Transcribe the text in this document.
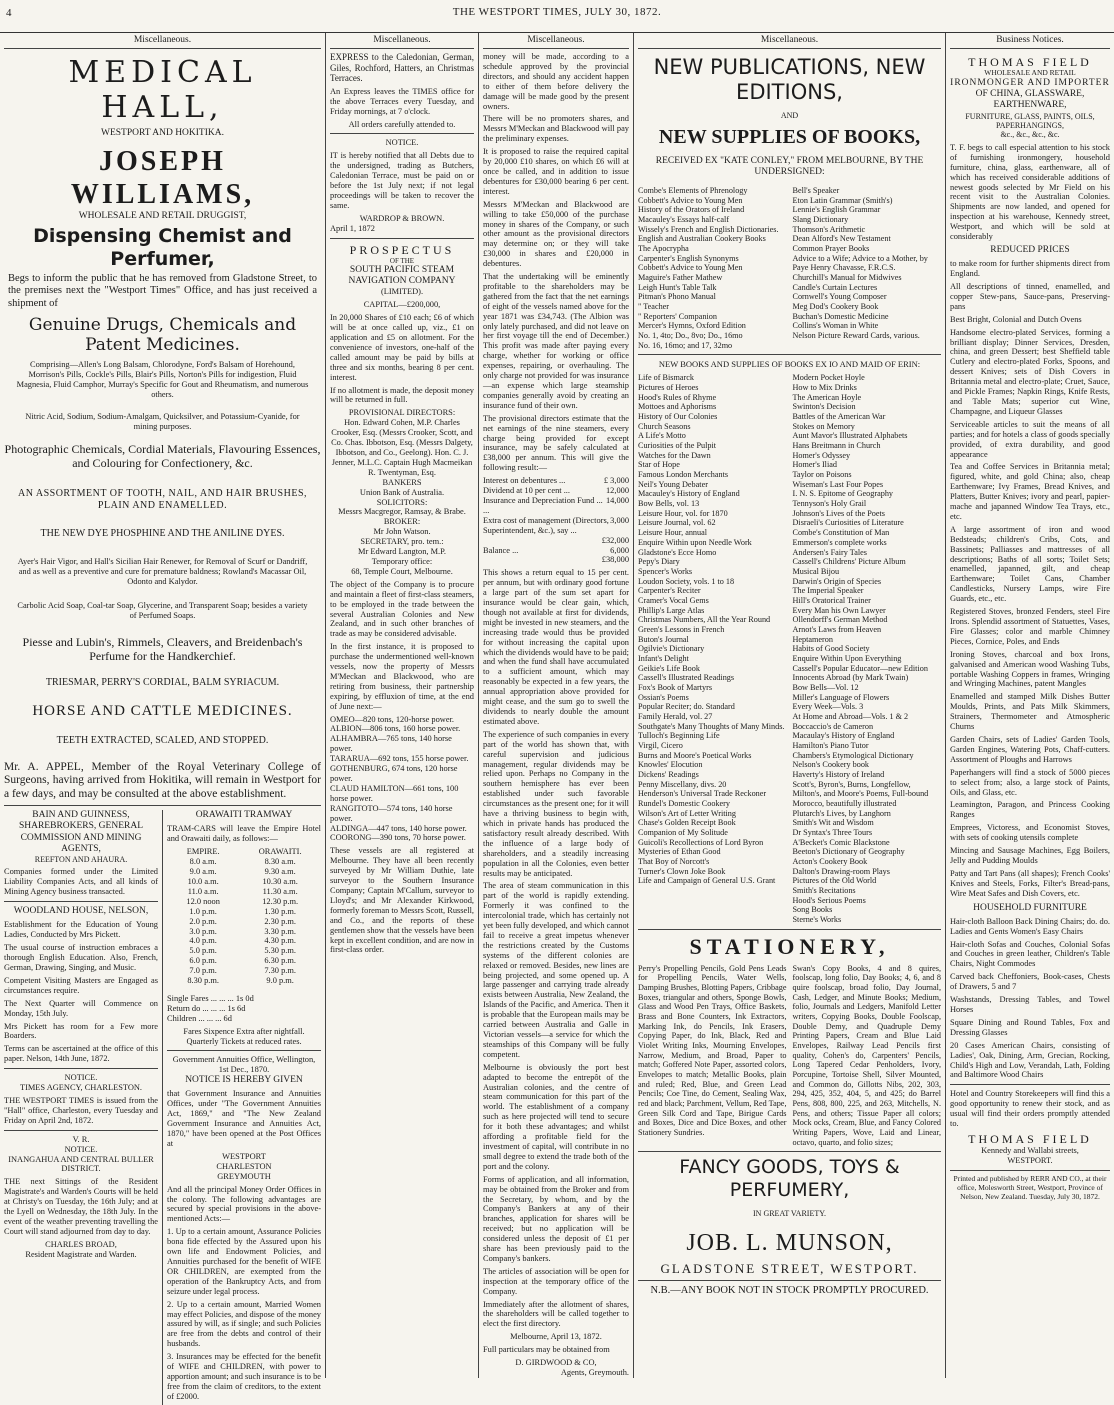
4	THE WESTPORT TIMES, JULY 30, 1872.
Miscellaneous.
MEDICAL HALL,
WESTPORT AND HOKITIKA.
JOSEPH WILLIAMS,
WHOLESALE AND RETAIL DRUGGIST,
Dispensing Chemist and Perfumer,
Begs to inform the public that he has removed from Gladstone Street, to the premises next the "Westport Times" Office, and has just received a shipment of
Genuine Drugs, Chemicals and Patent Medicines.
Comprising—Allen's Long Balsam, Chlorodyne, Ford's Balsam of Horehound, Morrison's Pills, Cockle's Pills, Blair's Pills, Norton's Pills for indigestion, Fluid Magnesia, Fluid Camphor, Murray's Specific for Gout and Rheumatism, and numerous others.
Nitric Acid, Sodium, Sodium-Amalgam, Quicksilver, and Potassium-Cyanide, for mining purposes.
Photographic Chemicals, Cordial Materials, Flavouring Essences, and Colouring for Confectionery, &c.
AN ASSORTMENT OF TOOTH, NAIL, AND HAIR BRUSHES, PLAIN AND ENAMELLED.
THE NEW DYE PHOSPHINE AND THE ANILINE DYES.
Ayer's Hair Vigor, and Hall's Sicilian Hair Renewer, for Removal of Scurf or Dandriff, and as well as a preventive and cure for premature baldness; Rowland's Macassar Oil, Odonto and Kalydor.
Carbolic Acid Soap, Coal-tar Soap, Glycerine, and Transparent Soap; besides a variety of Perfumed Soaps.
Piesse and Lubin's, Rimmels, Cleavers, and Breidenbach's Perfume for the Handkerchief.
TRIESMAR, PERRY'S CORDIAL, BALM SYRIACUM.
HORSE AND CATTLE MEDICINES.
TEETH EXTRACTED, SCALED, AND STOPPED.
Mr. A. APPEL, Member of the Royal Veterinary College of Surgeons, having arrived from Hokitika, will remain in Westport for a few days, and may be consulted at the above establishment.
BAIN AND GUINNESS, SHAREBROKERS, GENERAL COMMISSION AND MINING AGENTS,
REEFTON AND AHAURA.
Companies formed under the Limited Liability Companies Acts, and all kinds of Mining Agency business transacted.
WOODLAND HOUSE, NELSON,
Establishment for the Education of Young Ladies, Conducted by Mrs Pickett.
The usual course of instruction embraces a thorough English Education. Also, French, German, Drawing, Singing, and Music.
Competent Visiting Masters are Engaged as circumstances require.
The Next Quarter will Commence on Monday, 15th July.
Mrs Pickett has room for a Few more Boarders.
Terms can be ascertained at the office of this paper. Nelson, 14th June, 1872.
NOTICE.
TIMES AGENCY, CHARLESTON.
THE WESTPORT TIMES is issued from the "Hall" office, Charleston, every Tuesday and Friday on April 2nd, 1872.
V. R.
NOTICE.
INANGAHUA AND CENTRAL BULLER DISTRICT.
THE next Sittings of the Resident Magistrate's and Warden's Courts will be held at Christy's on Tuesday, the 16th July; and at the Lyell on Wednesday, the 18th July. In the event of the weather preventing travelling the Court will stand adjourned from day to day.
CHARLES BROAD,
Resident Magistrate and Warden.
ORAWAITI TRAMWAY
TRAM-CARS will leave the Empire Hotel and Orawaiti daily, as follows:—
EMPIRE.
8.0 a.m.
9.0 a.m.
10.0 a.m.
11.0 a.m.
12.0 noon
1.0 p.m.
2.0 p.m.
3.0 p.m.
4.0 p.m.
5.0 p.m.
6.0 p.m.
7.0 p.m.
8.30 p.m.
ORAWAITI.
8.30 a.m.
9.30 a.m.
10.30 a.m.
11.30 a.m.
12.30 p.m.
1.30 p.m.
2.30 p.m.
3.30 p.m.
4.30 p.m.
5.30 p.m.
6.30 p.m.
7.30 p.m.
9.0 p.m.
Single Fares ... ... ... 1s 0d
Return do ... ... ... 1s 6d
Children ... ... ... 6d
Fares Sixpence Extra after nightfall. Quarterly Tickets at reduced rates.
Government Annuities Office, Wellington, 1st Dec., 1870.
NOTICE IS HEREBY GIVEN
that Government Insurance and Annuities Offices, under "The Government Annuities Act, 1869," and "The New Zealand Government Insurance and Annuities Act, 1870," have been opened at the Post Offices at
WESTPORT
CHARLESTON
GREYMOUTH
And all the principal Money Order Offices in the colony. The following advantages are secured by special provisions in the above-mentioned Acts:—
1. Up to a certain amount, Assurance Policies bona fide effected by the Assured upon his own life and Endowment Policies, and Annuities purchased for the benefit of WIFE OR CHILDREN, are exempted from the operation of the Bankruptcy Acts, and from seizure under legal process.
2. Up to a certain amount, Married Women may effect Policies, and dispose of the money assured by will, as if single; and such Policies are free from the debts and control of their husbands.
3. Insurances may be effected for the benefit of WIFE and CHILDREN, with power to apportion amount; and such insurance is to be free from the claim of creditors, to the extent of £2000.
Miscellaneous.
EXPRESS to the Caledonian, German, Giles, Rochford, Hatters, an Christmas Terraces.
An Express leaves the TIMES office for the above Terraces every Tuesday, and Friday mornings, at 7 o'clock.
All orders carefully attended to.
NOTICE.
IT is hereby notified that all Debts due to the undersigned, trading as Butchers, Caledonian Terrace, must be paid on or before the 1st July next; if not legal proceedings will be taken to recover the same.
WARDROP & BROWN.
April 1, 1872
PROSPECTUS
OF THE
SOUTH PACIFIC STEAM NAVIGATION COMPANY
(LIMITED).
CAPITAL—£200,000,
In 20,000 Shares of £10 each; £6 of which will be at once called up, viz., £1 on application and £5 on allotment. For the convenience of investors, one-half of the called amount may be paid by bills at three and six months, bearing 8 per cent. interest.
If no allotment is made, the deposit money will be returned in full.
PROVISIONAL DIRECTORS:
Hon. Edward Cohen, M.P. Charles Crooker, Esq. (Messrs Crooker, Scott, and Co. Chas. Ibbotson, Esq. (Messrs Dalgety, Ibbotson, and Co., Geelong). Hon. C. J. Jenner, M.L.C. Captain Hugh Macmeikan R. Twentyman, Esq.
BANKERS
Union Bank of Australia.
SOLICITORS:
Messrs Macgregor, Ramsay, & Brabe.
BROKER:
Mr John Watson.
SECRETARY, pro. tem.:
Mr Edward Langton, M.P.
Temporary office:
68, Temple Court, Melbourne.
The object of the Company is to procure and maintain a fleet of first-class steamers, to be employed in the trade between the several Australian Colonies and New Zealand, and in such other branches of trade as may be considered advisable.
In the first instance, it is proposed to purchase the undermentioned well-known vessels, now the property of Messrs M'Meckan and Blackwood, who are retiring from business, their partnership expiring, by effluxion of time, at the end of June next:—
OMEO—820 tons, 120-horse power.
ALBION—806 tons, 160 horse power.
ALHAMBRA—765 tons, 140 horse power.
TARARUA—692 tons, 155 horse power.
GOTHENBURG, 674 tons, 120 horse power.
CLAUD HAMILTON—661 tons, 100 horse power.
RANGITOTO—574 tons, 140 horse power.
ALDINGA—447 tons, 140 horse power.
COORONG—390 tons, 70 horse power.
These vessels are all registered at Melbourne. They have all been recently surveyed by Mr William Duthie, late surveyor to the Southern Insurance Company; Captain M'Callum, surveyor to Lloyd's; and Mr Alexander Kirkwood, formerly foreman to Messrs Scott, Russell, and Co., and the reports of these gentlemen show that the vessels have been kept in excellent condition, and are now in first-class order.
Miscellaneous.
money will be made, according to a schedule approved by the provincial directors, and should any accident happen to either of them before delivery the damage will be made good by the present owners.
There will be no promoters shares, and Messrs M'Meckan and Blackwood will pay the preliminary expenses.
It is proposed to raise the required capital by 20,000 £10 shares, on which £6 will at once be called, and in addition to issue debentures for £30,000 bearing 6 per cent. interest.
Messrs M'Meckan and Blackwood are willing to take £50,000 of the purchase money in shares of the Company, or such other amount as the provisional directors may determine on; or they will take £30,000 in shares and £20,000 in debentures.
That the undertaking will be eminently profitable to the shareholders may be gathered from the fact that the net earnings of eight of the vessels named above for the year 1871 was £34,743. (The Albion was only lately purchased, and did not leave on her first voyage till the end of December.) This profit was made after paying every charge, whether for working or office expenses, repairing, or overhauling. The only charge not provided for was insurance—an expense which large steamship companies generally avoid by creating an insurance fund of their own.
The provisional directors estimate that the net earnings of the nine steamers, every charge being provided for except insurance, may be safely calculated at £38,000 per annum. This will give the following result:—
Interest on debentures ...	£ 3,000
Dividend at 10 per cent ...	12,000
Insurance and Depreciation Fund ... ...
14,000
Extra cost of management (Directors, Superintendent, &c.), say ...
3,000
£32,000
Balance ...	6,000
£38,000
This shows a return equal to 15 per cent. per annum, but with ordinary good fortune a large part of the sum set apart for insurance would be clear gain, which, though not available at first for dividends, might be invested in new steamers, and the increasing trade would thus be provided for without increasing the capital upon which the dividends would have to be paid; and when the fund shall have accumulated to a sufficient amount, which may reasonably be expected in a few years, the annual appropriation above provided for might cease, and the sum go to swell the dividends to nearly double the amount estimated above.
The experience of such companies in every part of the world has shown that, with careful supervision and judicious management, regular dividends may be relied upon. Perhaps no Company in the southern hemisphere has ever been established under such favorable circumstances as the present one; for it will have a thriving business to begin with, which in private hands has produced the satisfactory result already described. With the influence of a large body of shareholders, and a steadily increasing population in all the Colonies, even better results may be anticipated.
The area of steam communication in this part of the world is rapidly extending. Formerly it was confined to the intercolonial trade, which has certainly not yet been fully developed, and which cannot fail to receive a great impetus whenever the restrictions created by the Customs systems of the different colonies are relaxed or removed. Besides, new lines are being projected, and some opened up. A large passenger and carrying trade already exists between Australia, New Zealand, the Islands of the Pacific, and America. Then it is probable that the European mails may be carried between Australia and Galle in Victorian vessels—a service for which the steamships of this Company will be fully competent.
Melbourne is obviously the port best adapted to become the entrepôt of the Australian colonies, and the centre of steam communication for this part of the world. The establishment of a company such as here projected will tend to secure for it both these advantages; and whilst affording a profitable field for the investment of capital, will contribute in no small degree to extend the trade both of the port and the colony.
Forms of application, and all information, may be obtained from the Broker and from the Secretary, by whom, and by the Company's Bankers at any of their branches, application for shares will be received; but no application will be considered unless the deposit of £1 per share has been previously paid to the Company's bankers.
The articles of association will be open for inspection at the temporary office of the Company.
Immediately after the allotment of shares, the shareholders will be called together to elect the first directory.
Melbourne, April 13, 1872.
Full particulars may be obtained from
D. GIRDWOOD & CO,
Agents, Greymouth.
Miscellaneous.
NEW PUBLICATIONS, NEW EDITIONS,
AND
NEW SUPPLIES OF BOOKS,
RECEIVED EX "KATE CONLEY," FROM MELBOURNE, BY THE UNDERSIGNED:
Combe's Elements of Phrenology
Cobbett's Advice to Young Men
History of the Orators of Ireland
Macauley's Essays half-calf
Wissely's French and English Dictionaries.
English and Australian Cookery Books
The Apocrypha
Carpenter's English Synonyms
Cobbett's Advice to Young Men
Maguire's Father Mathew
Leigh Hunt's Table Talk
Pitman's Phono Manual
" Teacher
" Reporters' Companion
Mercer's Hymns, Oxford Edition
No. 1, 4to; Do., 8vo; Do., 16mo
No. 16, 16mo; and 17, 32mo
Bell's Speaker
Eton Latin Grammar (Smith's)
Lennie's English Grammar
Slang Dictionary
Thomson's Arithmetic
Dean Alford's New Testament
Common Prayer Books
Advice to a Wife; Advice to a Mother, by Paye Henry Chavasse, F.R.C.S.
Churchill's Manual for Midwives
Candle's Curtain Lectures
Cornwell's Young Composer
Meg Dod's Cookery Book
Buchan's Domestic Medicine
Collins's Woman in White
Nelson Picture Reward Cards, various.
NEW BOOKS AND SUPPLIES OF BOOKS EX IO AND MAID OF ERIN:
Life of Bismarck
Pictures of Heroes
Hood's Rules of Rhyme
Mottoes and Aphorisms
History of Our Colonies
Church Seasons
A Life's Motto
Curiosities of the Pulpit
Watches for the Dawn
Star of Hope
Famous London Merchants
Neil's Young Debater
Macauley's History of England
Bow Bells, vol. 13
Leisure Hour, vol. for 1870
Leisure Journal, vol. 62
Leisure Hour, annual
Enquire Within upon Needle Work
Gladstone's Ecce Homo
Pepy's Diary
Spencer's Works
Loudon Society, vols. 1 to 18
Carpenter's Reciter
Cramer's Vocal Gems
Phillip's Large Atlas
Christmas Numbers, All the Year Round
Green's Lessons in French
Buton's Journal
Ogilvie's Dictionary
Infant's Delight
Geikie's Life Book
Cassell's Illustrated Readings
Fox's Book of Martyrs
Ossian's Poems
Popular Reciter; do. Standard
Family Herald, vol. 27
Southgate's Many Thoughts of Many Minds.
Tulloch's Beginning Life
Virgil, Cicero
Burns and Moore's Poetical Works
Knowles' Elocution
Dickens' Readings
Penny Miscellany, divs. 20
Henderson's Universal Trade Reckoner
Rundel's Domestic Cookery
Wilson's Art of Letter Writing
Chase's Golden Receipt Book
Companion of My Solitude
Guicoli's Recollections of Lord Byron
Mysteries of Ethan Good
That Boy of Norcott's
Turner's Clown Joke Book
Life and Campaign of General U.S. Grant
Modern Pocket Hoyle
How to Mix Drinks
The American Hoyle
Swinton's Decision
Battles of the American War
Stokes on Memory
Aunt Mavor's Illustrated Alphabets
Hans Breitmann in Church
Homer's Odyssey
Homer's Iliad
Taylor on Poisons
Wiseman's Last Four Popes
I. N. S. Epitome of Geography
Tennyson's Holy Grail
Johnson's Lives of the Poets
Disraeli's Curiosities of Literature
Combe's Constitution of Man
Emmerson's complete works
Andersen's Fairy Tales
Cassell's Childrens' Picture Album
Musical Bijou
Darwin's Origin of Species
The Imperial Speaker
Hill's Oratorical Trainer
Every Man his Own Lawyer
Ollendorff's German Method
Arnot's Laws from Heaven
Heptameron
Habits of Good Society
Enquire Within Upon Everything
Cassell's Popular Educator—new Edition
Innocents Abroad (by Mark Twain)
Bow Bells—Vol. 12
Miller's Language of Flowers
Every Week—Vols. 3
At Home and Abroad—Vols. 1 & 2
Boccaccio's de Cameron
Macaulay's History of England
Hamilton's Piano Tutor
Chambers's Etymological Dictionary
Nelson's Cookery book
Haverty's History of Ireland
Scott's, Byron's, Burns, Longfellow, Milton's, and Moore's Poems, Full-bound Morocco, beautifully illustrated
Plutarch's Lives, by Langhorn
Smith's Wit and Wisdom
Dr Syntax's Three Tours
A'Becket's Comic Blackstone
Beeton's Dictionary of Geography
Acton's Cookery Book
Dalton's Drawing-room Plays
Pictures of the Old World
Smith's Recitations
Hood's Serious Poems
Song Books
Sterne's Works
STATIONERY,
Perry's Propelling Pencils, Gold Pens Leads for Propelling Pencils, Water Wells, Damping Brushes, Blotting Papers, Cribbage Boxes, triangular and others, Sponge Bowls, Glass and Wood Pen Trays, Office Baskets, Brass and Bone Counters, Ink Extractors, Marking Ink, do Pencils, Ink Erasers, Copying Paper, do Ink, Black, Red and Violet Writing Inks, Mourning Envelopes, Narrow, Medium, and Broad, Paper to match; Goffered Note Paper, assorted colors, Envelopes to match; Metallic Books, plain and ruled; Red, Blue, and Green Lead Pencils; Coe Tine, do Cement, Sealing Wax, red and black; Parchment, Vellum, Red Tape, Green Silk Cord and Tape, Birigue Cards and Boxes, Dice and Dice Boxes, and other Stationery Sundries.
Swan's Copy Books, 4 and 8 quires, foolscap, long folio, Day Books; 4, 6, and 8 quire foolscap, broad folio, Day Journal, Cash, Ledger, and Minute Books; Medium, folio, Journals and Ledgers, Manifold Letter writers, Copying Books, Double Foolscap, Double Demy, and Quadruple Demy Printing Papers, Cream and Blue Laid Envelopes, Railway Lead Pencils first quality, Cohen's do, Carpenters' Pencils, Long Tapered Cedar Penholders, Ivory, Porcupine, Tortoise Shell, Silver Mounted, and Common do, Gillotts Nibs, 202, 303, 294, 425, 352, 404, 5, and 425; do Barrel Pens, 808, 800, 225, and 263, Mitchells, N. Pens, and others; Tissue Paper all colors; Mock ocks, Cream, Blue, and Fancy Colored Writing Papers, Wove, Laid and Linear, octavo, quarto, and folio sizes;
FANCY GOODS, TOYS & PERFUMERY,
IN GREAT VARIETY.
JOB. L. MUNSON,
GLADSTONE STREET, WESTPORT.
N.B.—ANY BOOK NOT IN STOCK PROMPTLY PROCURED.
Business Notices.
THOMAS FIELD
WHOLESALE AND RETAIL
IRONMONGER AND IMPORTER
OF CHINA, GLASSWARE, EARTHENWARE,
FURNITURE, GLASS, PAINTS, OILS, PAPERHANGINGS,
&c., &c., &c., &c.
T. F. begs to call especial attention to his stock of furnishing ironmongery, household furniture, china, glass, earthenware, all of which has received considerable additions of newest goods selected by Mr Field on his recent visit to the Australian Colonies. Shipments are now landed, and opened for inspection at his warehouse, Kennedy street, Westport, and which will be sold at considerably
REDUCED PRICES
to make room for further shipments direct from England.
All descriptions of tinned, enamelled, and copper Stew-pans, Sauce-pans, Preserving-pans
Best Bright, Colonial and Dutch Ovens
Handsome electro-plated Services, forming a brilliant display; Dinner Services, Dresden, china, and green Dessert; best Sheffield table Cutlery and electro-plated Forks, Spoons, and dessert Knives; sets of Dish Covers in Britannia metal and electro-plate; Cruet, Sauce, and Pickle Frames; Napkin Rings, Knife Rests, and Table Mats; superior cut Wine, Champagne, and Liqueur Glasses
Serviceable articles to suit the means of all parties; and for hotels a class of goods specially provided, of extra durability, and good appearance
Tea and Coffee Services in Britannia metal; figured, white, and gold China; also, cheap Earthenware; Ivy Frames, Bread Knives, and Platters, Butter Knives; ivory and pearl, papier-mache and japanned Window Tea Trays, etc., etc.
A large assortment of iron and wood Bedsteads; children's Cribs, Cots, and Bassinets; Palliasses and mattresses of all descriptions; Baths of all sorts; Toilet Sets; enamelled, japanned, gilt, and cheap Earthenware; Toilet Cans, Chamber Candlesticks, Nursery Lamps, wire Fire Guards, etc., etc.
Registered Stoves, bronzed Fenders, steel Fire Irons. Splendid assortment of Statuettes, Vases, Fire Glasses; color and marble Chimney Pieces, Cornice, Poles, and Ends
Ironing Stoves, charcoal and box Irons, galvanised and American wood Washing Tubs, portable Washing Coppers in frames, Wringing and Wringing Machines, patent Mangles
Enamelled and stamped Milk Dishes Butter Moulds, Prints, and Pats Milk Skimmers, Strainers, Thermometer and Atmospheric Churns
Garden Chairs, sets of Ladies' Garden Tools, Garden Engines, Watering Pots, Chaff-cutters. Assortment of Ploughs and Harrows
Paperhangers will find a stock of 5000 pieces to select from; also, a large stock of Paints, Oils, and Glass, etc.
Leamington, Paragon, and Princess Cooking Ranges
Emprees, Victoress, and Economist Stoves, with sets of cooking utensils complete
Mincing and Sausage Machines, Egg Boilers, Jelly and Pudding Moulds
Patty and Tart Pans (all shapes); French Cooks' Knives and Steels, Forks, Filter's Bread-pans, Wire Meat Safes and Dish Covers, etc.
HOUSEHOLD FURNITURE
Hair-cloth Balloon Back Dining Chairs; do. do. Ladies and Gents Women's Easy Chairs
Hair-cloth Sofas and Couches, Colonial Sofas and Couches in green leather, Children's Table Chairs, Night Commodes
Carved back Cheffoniers, Book-cases, Chests of Drawers, 5 and 7
Washstands, Dressing Tables, and Towel Horses
Square Dining and Round Tables, Fox and Dressing Glasses
20 Cases American Chairs, consisting of Ladies', Oak, Dining, Arm, Grecian, Rocking, Child's High and Low, Verandah, Lath, Folding and Baltimore Wood Chairs
Hotel and Country Storekeepers will find this a good opportunity to renew their stock, and as usual will find their orders promptly attended to.
THOMAS FIELD
Kennedy and Wallabi streets,
WESTPORT.
Printed and published by RERR AND CO., at their office, Molesworth Street, Westport, Province of Nelson, New Zealand. Tuesday, July 30, 1872.
